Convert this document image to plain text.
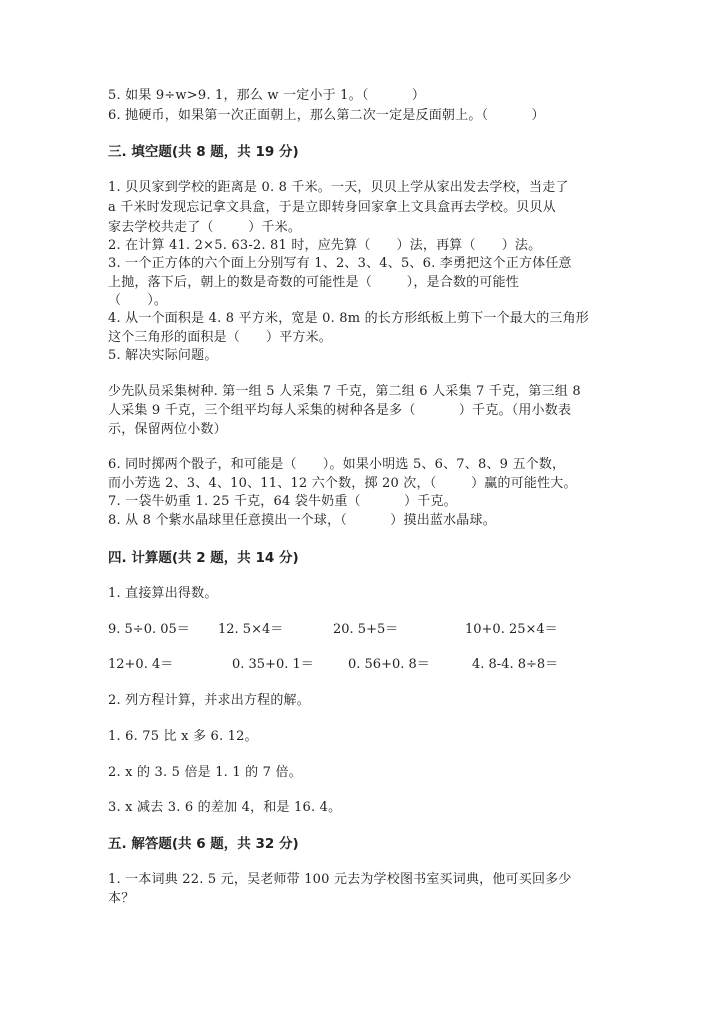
5. 如果 9÷w>9. 1，那么 w 一定小于 1。（          ）
6. 抛硬币，如果第一次正面朝上，那么第二次一定是反面朝上。（          ）
三. 填空题(共 8 题，共 19 分)
1. 贝贝家到学校的距离是 0. 8 千米。一天，贝贝上学从家出发去学校，当走了
a 千米时发现忘记拿文具盒，于是立即转身回家拿上文具盒再去学校。贝贝从
家去学校共走了（        ）千米。
2. 在计算 41. 2×5. 63-2. 81 时，应先算（      ）法，再算（      ）法。
3. 一个正方体的六个面上分别写有 1、2、3、4、5、6. 李勇把这个正方体任意
上抛，落下后，朝上的数是奇数的可能性是（        ），是合数的可能性
（      ）。
4. 从一个面积是 4. 8 平方米，宽是 0. 8m 的长方形纸板上剪下一个最大的三角形
这个三角形的面积是（      ）平方米。
5. 解决实际问题。
少先队员采集树种. 第一组 5 人采集 7 千克，第二组 6 人采集 7 千克，第三组 8
人采集 9 千克，三个组平均每人采集的树种各是多（          ）千克。（用小数表
示，保留两位小数）
6. 同时掷两个骰子，和可能是（      ）。如果小明选 5、6、7、8、9 五个数，
而小芳选 2、3、4、10、11、12 六个数，掷 20 次，（        ）赢的可能性大。
7. 一袋牛奶重 1. 25 千克，64 袋牛奶重（          ）千克。
8. 从 8 个紫水晶球里任意摸出一个球，（          ）摸出蓝水晶球。
四. 计算题(共 2 题，共 14 分)
1. 直接算出得数。
9. 5÷0. 05＝ 12. 5×4＝	20. 5+5＝	10+0. 25×4＝
12+0. 4＝	0. 35+0. 1＝	0. 56+0. 8＝	4. 8-4. 8÷8＝
2. 列方程计算，并求出方程的解。
1. 6. 75 比 x 多 6. 12。
2. x 的 3. 5 倍是 1. 1 的 7 倍。
3. x 减去 3. 6 的差加 4，和是 16. 4。
五. 解答题(共 6 题，共 32 分)
1. 一本词典 22. 5 元，吴老师带 100 元去为学校图书室买词典，他可买回多少
本？
